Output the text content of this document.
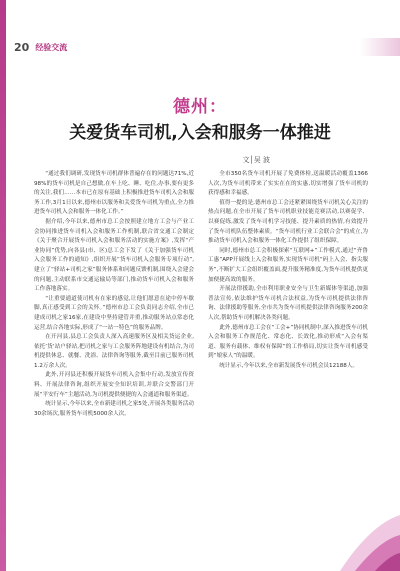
20 经验交流
德州：
关爱货车司机,入会和服务一体推进
文│吴 波

“通过我们调研,发现货车司机群体普遍存在的问题达71%,近98%的货车司机是自己想做,在车上吃、睡、吃住,办事,要有更多的关注,我们……本市已在原有基础上积极推进货车司机入会和服务工作,3月1日以来,德州市以服务和关爱货车司机为重点,全力推进货车司机入会和服务一体化工作。”

据介绍,今年以来,德州市总工会按照建立地方工会与产业工会协同推进货车司机入会和服务工作机制,联合省交通工会制定《关于聚合开展货车司机入会和服务活动的实施方案》,发挥“产业协同”优势,向各县(市、区)总工会下发了《关于加强货车司机入会服务工作的通知》,组织开展“货车司机入会服务专项行动”,建立了“驿站+司机之家”服务体系和问题反馈机制,围绕入会建会的问题,主动联系市交通运输局等部门,推动货车司机入会和服务工作落地落实。

“让重要通道使司机有在家的感觉,让他们愿意在途中停车歇脚,真正感受到工会的关怀。”德州市总工会负责同志介绍,全市已建成司机之家16家,在建设中坚持建管并重,推动服务站点常态化运营,结合各地实际,形成了“一站一特色”的服务品牌。

在开河县,县总工会负责人深入高速服务区及相关货运企业,依托‘货’站户驿站,把司机之家与工会服务阵地建设有机结合,为司机提供休息、就餐、洗浴、法律咨询等服务,截至目前已服务司机1.2万余人次。

此外,开河县还积极开展货车司机入会集中行动,发放宣传资料、开展法律咨询,组织开展安全知识培训,并联合交警部门开展“平安行车”主题活动,为司机提供便捷的入会通道和服务渠道。

统计显示,今年以来,全市新建司机之家5处,开展各类服务活动30余场次,服务货车司机5000余人次。

全市350名货车司机开展了免费体检,送温暖活动覆盖1366人次,为货车司机带来了实实在在的实惠,切实增强了货车司机的获得感和幸福感。

值得一提的是,德州市总工会还紧紧围绕货车司机关心关注的热点问题,在全市开展了货车司机职业技能竞赛活动,以赛促学、以赛促练,激发了货车司机学习技能、提升素质的热情,有效提升了货车司机队伍整体素质。“货车司机行业工会联合会”的成立,为推动货车司机入会和服务一体化工作提供了组织保障。

同时,德州市总工会积极探索“互联网+”工作模式,通过“齐鲁工惠”APP开展线上入会和服务,实现货车司机“码上入会、指尖服务”,不断扩大工会组织覆盖面,提升服务精准度,为货车司机提供更加便捷高效的服务。

开展法律援助,全市利用职业安全与卫生新媒体等渠道,加强普法宣传,依法维护货车司机合法权益,为货车司机提供法律咨询、法律援助等服务,全市共为货车司机提供法律咨询服务200余人次,帮助货车司机解决各类问题。

此外,德州市总工会在“工会+”协同机制中,深入推进货车司机入会和服务工作规范化、常态化、长效化,推动形成“入会有渠道、服务有载体、维权有保障”的工作格局,切实让货车司机感受到“娘家人”的温暖。

统计显示,今年以来,全市新发展货车司机会员12188人。
